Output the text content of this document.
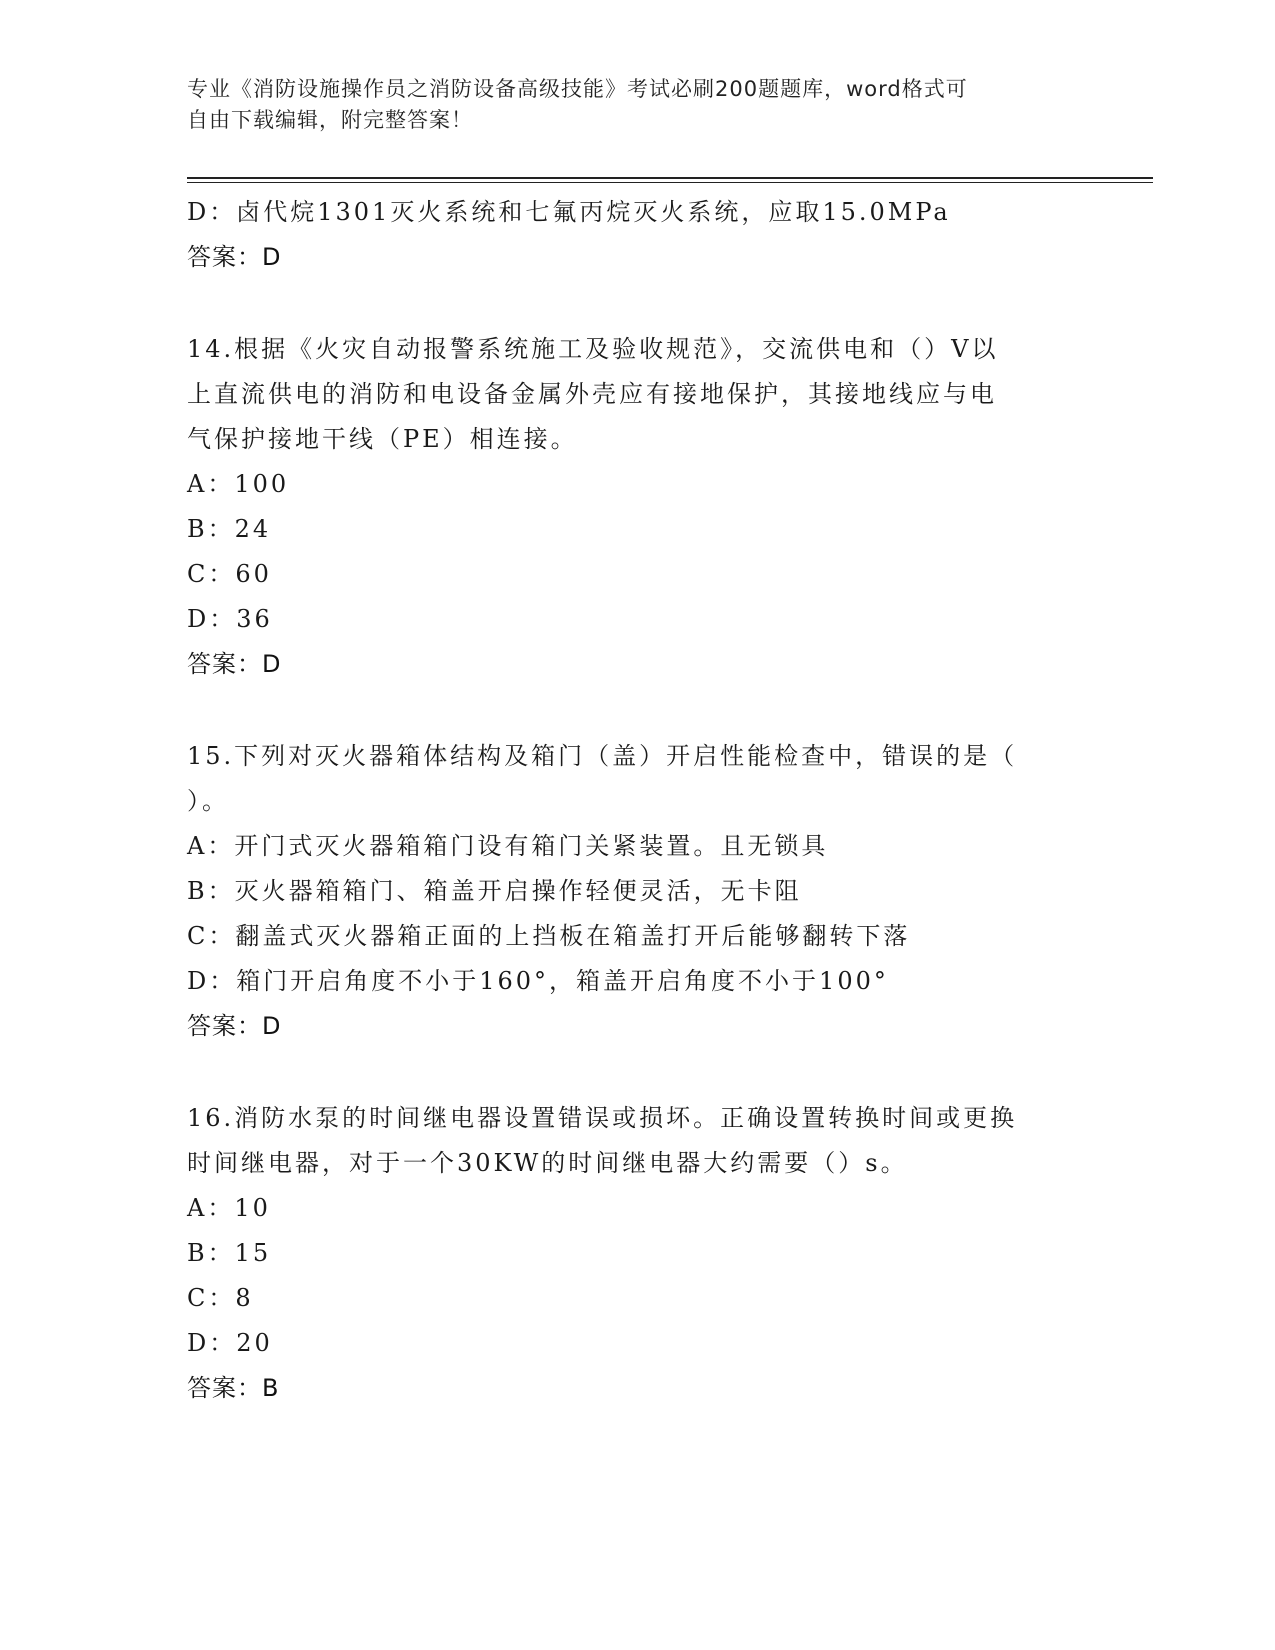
专业《消防设施操作员之消防设备高级技能》考试必刷200题题库，word格式可
自由下载编辑，附完整答案！
D：卤代烷1301灭火系统和七氟丙烷灭火系统，应取15.0MPa
答案：D
14.根据《火灾自动报警系统施工及验收规范》，交流供电和（）V以
上直流供电的消防和电设备金属外壳应有接地保护，其接地线应与电
气保护接地干线（PE）相连接。
A：100
B：24
C：60
D：36
答案：D
15.下列对灭火器箱体结构及箱门（盖）开启性能检查中，错误的是（
）。
A：开门式灭火器箱箱门设有箱门关紧装置。且无锁具
B：灭火器箱箱门、箱盖开启操作轻便灵活，无卡阻
C：翻盖式灭火器箱正面的上挡板在箱盖打开后能够翻转下落
D：箱门开启角度不小于160°，箱盖开启角度不小于100°
答案：D
16.消防水泵的时间继电器设置错误或损坏。正确设置转换时间或更换
时间继电器，对于一个30KW的时间继电器大约需要（）s。
A：10
B：15
C：8
D：20
答案：B
